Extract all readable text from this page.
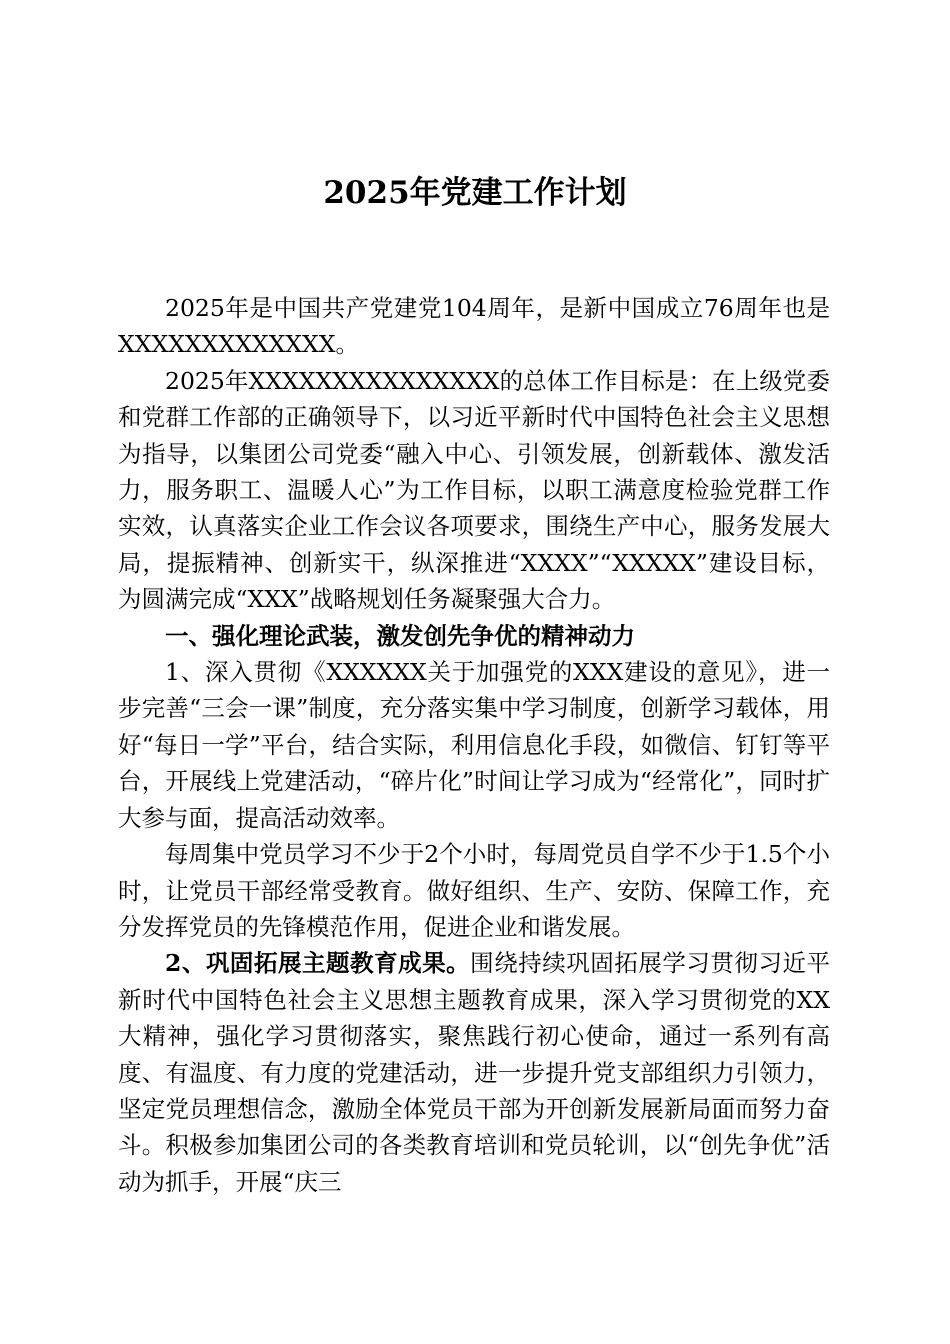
2025年党建工作计划

2025年是中国共产党建党104周年，是新中国成立76周年也是XXXXXXXXXXXXX。

2025年XXXXXXXXXXXXXXX的总体工作目标是：在上级党委和党群工作部的正确领导下，以习近平新时代中国特色社会主义思想为指导，以集团公司党委“融入中心、引领发展，创新载体、激发活力，服务职工、温暖人心”为工作目标，以职工满意度检验党群工作实效，认真落实企业工作会议各项要求，围绕生产中心，服务发展大局，提振精神、创新实干，纵深推进“XXXX”“XXXXX”建设目标，为圆满完成“XXX”战略规划任务凝聚强大合力。

一、强化理论武装，激发创先争优的精神动力

1、深入贯彻《XXXXXX关于加强党的XXX建设的意见》，进一步完善“三会一课”制度，充分落实集中学习制度，创新学习载体，用好“每日一学”平台，结合实际，利用信息化手段，如微信、钉钉等平台，开展线上党建活动，“碎片化”时间让学习成为“经常化”，同时扩大参与面，提高活动效率。

每周集中党员学习不少于2个小时，每周党员自学不少于1.5个小时，让党员干部经常受教育。做好组织、生产、安防、保障工作，充分发挥党员的先锋模范作用，促进企业和谐发展。

2、巩固拓展主题教育成果。围绕持续巩固拓展学习贯彻习近平新时代中国特色社会主义思想主题教育成果，深入学习贯彻党的XX大精神，强化学习贯彻落实，聚焦践行初心使命，通过一系列有高度、有温度、有力度的党建活动，进一步提升党支部组织力引领力，坚定党员理想信念，激励全体党员干部为开创新发展新局面而努力奋斗。积极参加集团公司的各类教育培训和党员轮训，以“创先争优”活动为抓手，开展“庆三
